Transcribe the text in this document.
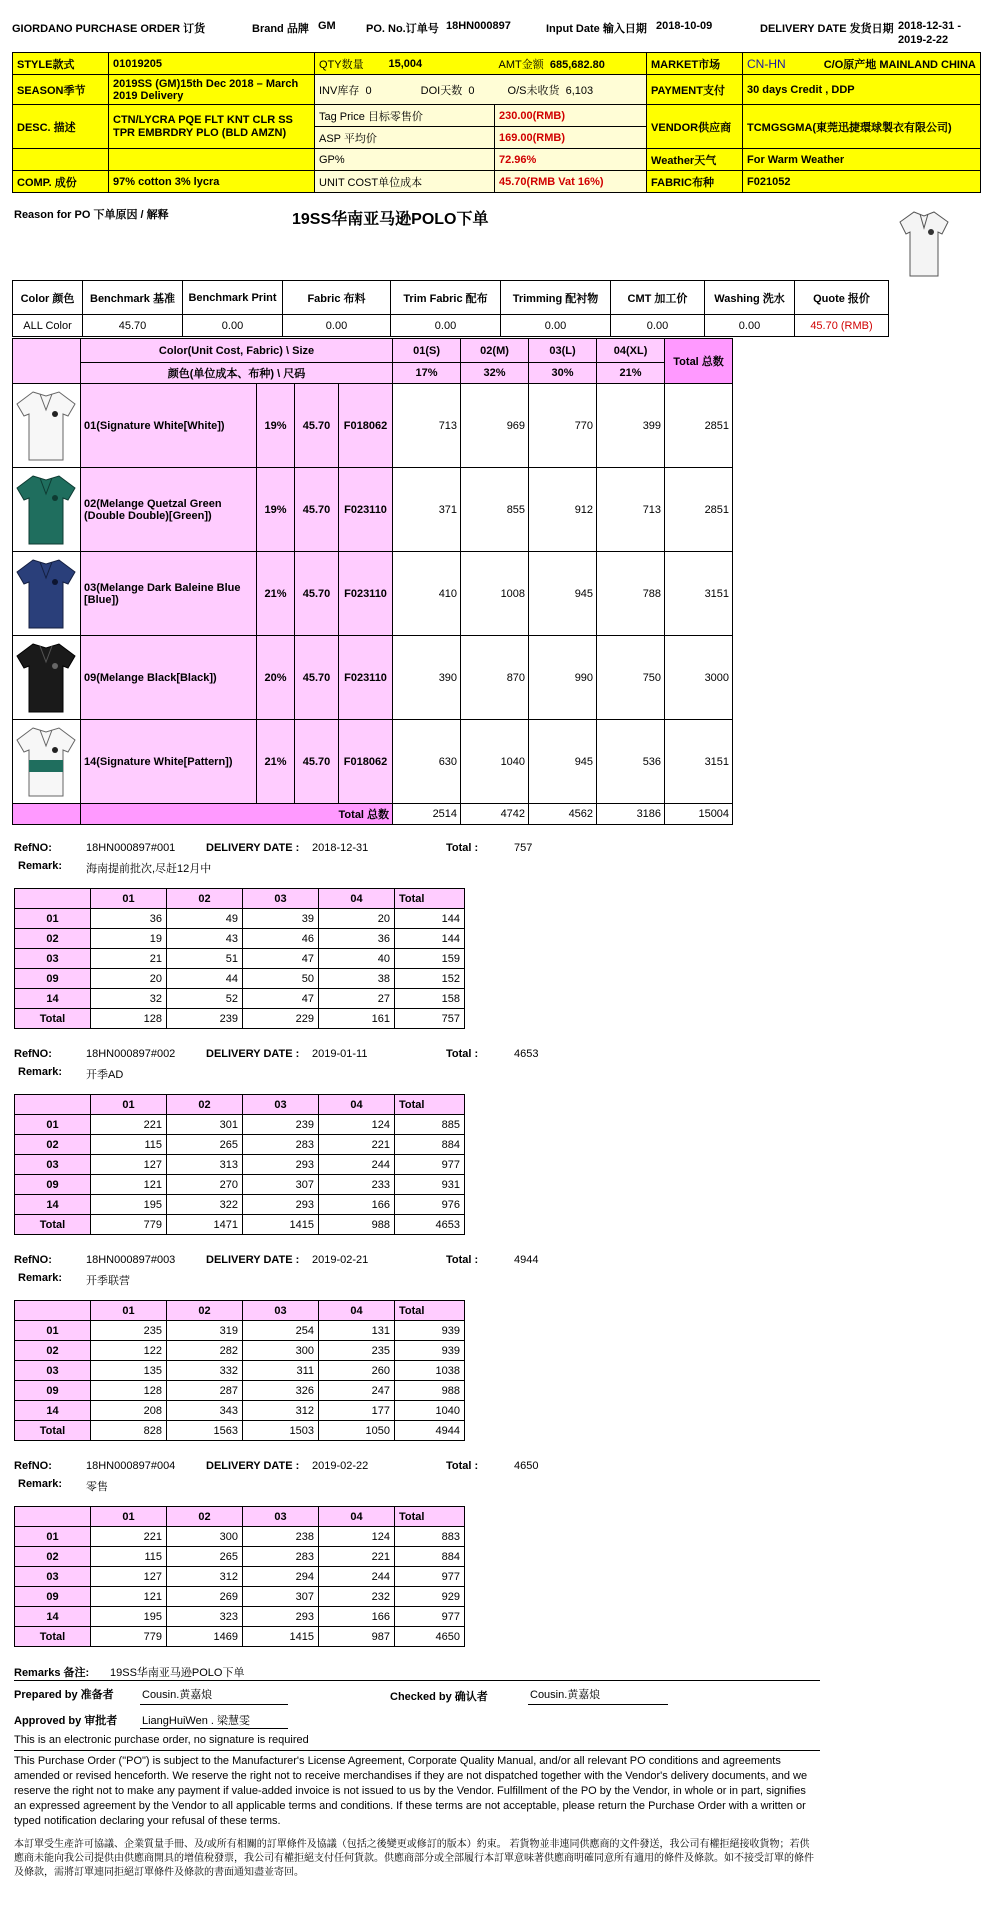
GIORDANO PURCHASE ORDER 订货	Brand 品牌 GM	PO. No.订单号 18HN000897	Input Date 输入日期 2018-10-09	DELIVERY DATE 发货日期 2018-12-31 -
2019-2-22
STYLE款式	01019205	QTY数量	15,004	AMT金额 685,682.80	MARKET市场	CN-HN C/O原产地 MAINLAND CHINA
SEASON季节	2019SS (GM)15th Dec 2018 – March 2019 Delivery	INV库存 0 DOI天数 0 O/S未收货 6,103			PAYMENT支付	30 days Credit , DDP
DESC. 描述	CTN/LYCRA PQE FLT KNT CLR SS TPR EMBRDRY PLO (BLD AMZN)	Tag Price 目标零售价		230.00(RMB)	VENDOR供应商	TCMGSGMA(東莞迅捷環球製衣有限公司)
		ASP 平均价		169.00(RMB)		
		GP%		72.96%	Weather天气	For Warm Weather
COMP. 成份	97% cotton 3% lycra	UNIT COST单位成本		45.70(RMB Vat 16%)	FABRIC布种	F021052
Reason for PO 下单原因 / 解释	19SS华南亚马逊POLO下单
Color 颜色	Benchmark 基准	Benchmark Print	Fabric 布料	Trim Fabric 配布	Trimming 配衬物	CMT 加工价	Washing 洗水	Quote 报价
ALL Color	45.70	0.00	0.00	0.00	0.00	0.00	0.00	45.70 (RMB)
	Color(Unit Cost, Fabric) \ Size				01(S)	02(M)	03(L)	04(XL)	Total 总数
	颜色(单位成本、布种) \ 尺码				17%	32%	30%	21%	
	01(Signature White[White])	19%	45.70	F018062	713	969	770	399	2851
	02(Melange Quetzal Green (Double Double)[Green])	19%	45.70	F023110	371	855	912	713	2851
	03(Melange Dark Baleine Blue [Blue])	21%	45.70	F023110	410	1008	945	788	3151
	09(Melange Black[Black])	20%	45.70	F023110	390	870	990	750	3000
	14(Signature White[Pattern])	21%	45.70	F018062	630	1040	945	536	3151
	Total 总数				2514	4742	4562	3186	15004
RefNO:	18HN000897#001	DELIVERY DATE : 2018-12-31	Total :	757
Remark: 海南提前批次,尽赶12月中
	01	02	03	04	Total
01	36	49	39	20	144
02	19	43	46	36	144
03	21	51	47	40	159
09	20	44	50	38	152
14	32	52	47	27	158
Total	128	239	229	161	757
RefNO:	18HN000897#002	DELIVERY DATE : 2019-01-11	Total :	4653
Remark: 开季AD
	01	02	03	04	Total
01	221	301	239	124	885
02	115	265	283	221	884
03	127	313	293	244	977
09	121	270	307	233	931
14	195	322	293	166	976
Total	779	1471	1415	988	4653
RefNO:	18HN000897#003	DELIVERY DATE : 2019-02-21	Total :	4944
Remark: 开季联营
	01	02	03	04	Total
01	235	319	254	131	939
02	122	282	300	235	939
03	135	332	311	260	1038
09	128	287	326	247	988
14	208	343	312	177	1040
Total	828	1563	1503	1050	4944
RefNO:	18HN000897#004	DELIVERY DATE : 2019-02-22	Total :	4650
Remark: 零售
	01	02	03	04	Total
01	221	300	238	124	883
02	115	265	283	221	884
03	127	312	294	244	977
09	121	269	307	232	929
14	195	323	293	166	977
Total	779	1469	1415	987	4650
Remarks 备注: 19SS华南亚马逊POLO下单
Prepared by 准备者	Cousin.黄嘉烺	Checked by 确认者	Cousin.黄嘉烺
Approved by 审批者 LiangHuiWen . 梁慧雯
This is an electronic purchase order, no signature is required
This Purchase Order ("PO") is subject to the Manufacturer's License Agreement, Corporate Quality Manual, and/or all relevant PO conditions and agreements amended or revised henceforth. We reserve the right not to receive merchandises if they are not dispatched together with the Vendor's delivery documents, and we reserve the right not to make any payment if value-added invoice is not issued to us by the Vendor. Fulfillment of the PO by the Vendor, in whole or in part, signifies an expressed agreement by the Vendor to all applicable terms and conditions. If these terms are not acceptable, please return the Purchase Order with a written or typed notification declaring your refusal of these terms.
本訂單受生產許可協議、企業質量手冊、及/或所有相關的訂單條件及協議（包括之後變更或修訂的版本）約束。 若貨物並非連同供應商的文件發送，我公司有權拒絕接收貨物；若供應商未能向我公司提供由供應商開具的增值稅發票，我公司有權拒絕支付任何貨款。供應商部分或全部履行本訂單意味著供應商明確同意所有適用的條件及條款。如不接受訂單的條件及條款，需將訂單連同拒絕訂單條件及條款的書面通知盡並寄回。
